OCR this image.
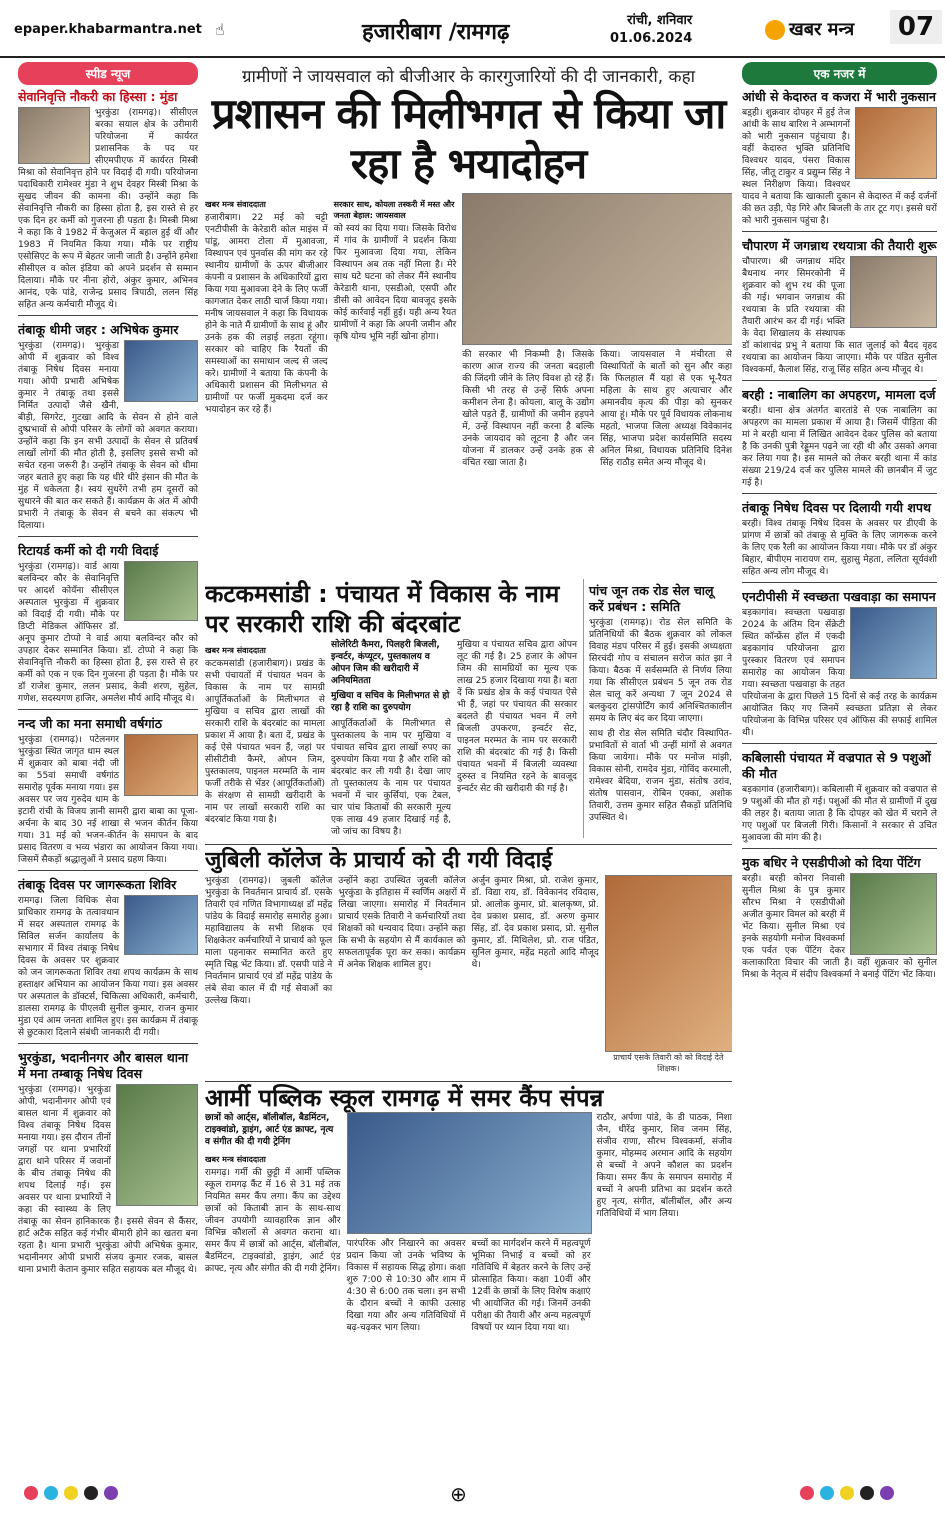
epaper.khabarmantra.net ☝	हजारीबाग /रामगढ़	रांची, शनिवार
01.06.2024	खबर मन्त्र	07
स्पीड न्यूज
सेवानिवृत्ति नौकरी का हिस्सा : मुंडा
भुरकुंडा (रामगढ़)। सीसीएल बरका सयाल क्षेत्र के उरीमारी परियोजना में कार्यरत प्रशासनिक के पद पर सीएमपीएफ में कार्यरत मिस्त्री मिश्रा को सेवानिवृत्त होने पर विदाई दी गयी। परियोजना पदाधिकारी रामेश्वर मुंडा ने शुभ देवहर मिस्त्री मिश्रा के सुखद जीवन की कामना की। उन्होंने कहा कि सेवानिवृत्ति नौकरी का हिस्सा होता है, इस रास्ते से हर एक दिन हर कर्मी को गुजरना ही पड़ता है। मिस्त्री मिश्रा ने कहा कि वे 1982 में केजुअल में बहाल हुई थीं और 1983 में नियमित किया गया। मौके पर राष्ट्रीय एसोसिएट के रूप में बेहतर जानी जाती है। उन्होंने हमेशा सीसीएल व कोल इंडिया को अपने प्रदर्शन से सम्मान दिलाया। मौके पर नीना होरो, अंकुर कुमार, अभिनव आनंद, एके पांडे, राजेन्द्र प्रसाद त्रिपाठी, ललन सिंह सहित अन्य कर्मचारी मौजूद थे।
तंबाकू धीमी जहर : अभिषेक कुमार
भुरकुंडा (रामगढ़)। भुरकुंडा ओपी में शुक्रवार को विश्व तंबाकू निषेध दिवस मनाया गया। ओपी प्रभारी अभिषेक कुमार ने तंबाकू तथा इससे निर्मित उत्पादों जैसे खैनी, बीड़ी, सिगरेट, गुटखा आदि के सेवन से होने वाले दुष्प्रभावों से ओपी परिसर के लोगों को अवगत कराया। उन्होंने कहा कि इन सभी उत्पादों के सेवन से प्रतिवर्ष लाखों लोगों की मौत होती है, इसलिए इससे सभी को सचेत रहना जरूरी है। उन्होंने तंबाकू के सेवन को धीमा जहर बताते हुए कहा कि यह धीरे धीरे इंसान की मौत के मुंह में धकेलता है। स्वयं सुधरेंगे तभी हम दूसरों को सुधारने की बात कर सकते हैं। कार्यक्रम के अंत में ओपी प्रभारी ने तंबाकू के सेवन से बचने का संकल्प भी दिलाया।
रिटायर्ड कर्मी को दी गयी विदाई
भुरकुंडा (रामगढ़)। वार्ड आया बलविन्दर कौर के सेवानिवृत्ति पर आदर्श कोयँना सीसीएल अस्पताल भुरकुंडा में शुक्रवार को विदाई दी गयी। मौके पर डिप्टी मेडिकल ऑफिसर डॉ. अनूप कुमार टोप्पो ने वार्ड आया बलविन्दर कौर को उपहार देकर सम्मानित किया। डॉ. टोप्पो ने कहा कि सेवानिवृत्ति नौकरी का हिस्सा होता है, इस रास्ते से हर कर्मी को एक न एक दिन गुजरना ही पड़ता है। मौके पर डॉ राजेश कुमार, ललन प्रसाद, केवी शरण, सुहेल, गणेश, सदस्यगण हाजिर, अमलेश मौर्य आदि मौजूद थे।
नन्द जी का मना समाधी वर्षगांठ
भुरकुंडा (रामगढ़)। पटेलनगर भुरकुंडा स्थित जागृत धाम स्थल में शुक्रवार को बाबा नंदी जी का 55वां समाधी वर्षगांठ समारोह पूर्वक मनाया गया। इस अवसर पर जय गुरुदेव धाम के इटारी रांची के विजय ज्ञानी सामरी द्वारा बाबा का पूजा-अर्चना के बाद 30 नई शाखा से भजन कीर्तन किया गया। 31 मई को भजन-कीर्तन के समापन के बाद प्रसाद वितरण व भव्य भंडारा का आयोजन किया गया। जिसमें सैकड़ों श्रद्धालुओं ने प्रसाद ग्रहण किया।
तंबाकू दिवस पर जागरूकता शिविर
रामगढ़। जिला विधिक सेवा प्राधिकार रामगढ़ के तत्वावधान में सदर अस्पताल रामगढ़ के सिविल सर्जन कार्यालय के सभागार में विश्व तंबाकू निषेध दिवस के अवसर पर शुक्रवार को जन जागरूकता शिविर तथा शपथ कार्यक्रम के साथ हस्ताक्षर अभियान का आयोजन किया गया। इस अवसर पर अस्पताल के डॉक्टर्स, चिकित्सा अधिकारी, कर्मचारी, डालसा रामगढ़ के पीएलवी सुनील कुमार, राजन कुमार मुंडा एवं आम जनता शामिल हुए। इस कार्यक्रम में तंबाकू से छुटकारा दिलाने संबंधी जानकारी दी गयी।
भुरकुंडा, भदानीनगर और बासल थाना में मना तम्बाकू निषेध दिवस
भुरकुंडा (रामगढ़)। भुरकुंडा ओपी, भदानीनगर ओपी एवं बासल थाना में शुक्रवार को विश्व तंबाकू निषेध दिवस मनाया गया। इस दौरान तीनों जगहों पर थाना प्रभारियों द्वारा थाने परिसर में जवानों के बीच तंबाकू निषेध की शपथ दिलाई गई। इस अवसर पर थाना प्रभारियों ने कहा की स्वास्थ्य के लिए तंबाकू का सेवन हानिकारक है। इससे सेवन से कैंसर, हार्ट अटैक सहित कई गंभीर बीमारी होने का खतरा बना रहता है। थाना प्रभारी भुरकुंडा ओपी अभिषेक कुमार, भदानीनगर ओपी प्रभारी संजय कुमार रजक, बासल थाना प्रभारी केतान कुमार सहित सहायक बल मौजूद थे।
ग्रामीणों ने जायसवाल को बीजीआर के कारगुजारियों की दी जानकारी, कहा
प्रशासन की मिलीभगत से किया जा रहा है भयादोहन
खबर मन्त्र संवाददाता
हजारीबाग। 22 मई को चट्टी एनटीपीसी के केरेडारी कोल माइंस में पांडू, आमरा टोला में मुआवजा, विस्थापन एवं पुनर्वास की मांग कर रहे स्थानीय ग्रामीणों के ऊपर बीजीआर कंपनी व प्रशासन के अधिकारियों द्वारा किया गया मुआवजा देने के लिए फर्जी कागजात देकर लाठी चार्ज किया गया। मनीष जायसवाल ने कहा कि विधायक होने के नाते मैं ग्रामीणों के साथ हूं और उनके हक की लड़ाई लड़ता रहूंगा। सरकार को चाहिए कि रैयतों की समस्याओं का समाधान जल्द से जल्द करे। ग्रामीणों ने बताया कि कंपनी के अधिकारी प्रशासन की मिलीभगत से ग्रामीणों पर फर्जी मुकदमा दर्ज कर भयादोहन कर रहे हैं।
सरकार साथ, कोयला तस्करी में मस्त और जनता बेहाल: जायसवाल
को स्वयं का दिया गया। जिसके विरोध में गांव के ग्रामीणों ने प्रदर्शन किया फिर मुआवजा दिया गया, लेकिन विस्थापन अब तक नहीं मिला है। मेरे साथ घटे घटना को लेकर मैंने स्थानीय केरेडारी थाना, एसडीओ, एसपी और डीसी को आवेदन दिया बावजूद इसके कोई कार्रवाई नहीं हुई। यही अन्य रैयत ग्रामीणों ने कहा कि अपनी जमीन और कृषि योग्य भूमि नहीं खोना होगा।
की सरकार भी निकम्मी है। जिसके कारण आज राज्य की जनता बदहाली की जिंदगी जीने के लिए विवश हो रहे हैं। किसी भी तरह से उन्हें सिर्फ अपना कमीशन लेना है। कोयला, बालू के उद्योग खोले पड़ते हैं, ग्रामीणों की जमीन हड़पने में, उन्हें विस्थापन नहीं करना है बल्कि उनके जायदाद को लूटना है और जन योजना में डालकर उन्हें उनके हक से वंचित रखा जाता है।
किया। जायसवाल ने मंचीरता से विस्थापितों के बातों को सुन और कहा कि फिलहाल मैं यहां से एक भू-रैयत महिला के साथ हुए अत्याचार और अमानवीय कृत्य की पीड़ा को सुनकर आया हूं। मौके पर पूर्व विधायक लोकनाथ महतो, भाजपा जिला अध्यक्ष विवेकानंद सिंह, भाजपा प्रदेश कार्यसमिति सदस्य अनिल मिश्रा, विधायक प्रतिनिधि दिनेश सिंह राठौड़ समेत अन्य मौजूद थे।
कटकमसांडी : पंचायत में विकास के नाम पर सरकारी राशि की बंदरबांट
खबर मन्त्र संवाददाता
कटकमसांडी (हजारीबाग)। प्रखंड के सभी पंचायतों में पंचायत भवन के विकास के नाम पर सामग्री आपूर्तिकर्ताओं के मिलीभगत से मुखिया व सचिव द्वारा लाखों की सरकारी राशि के बंदरबांट का मामला प्रकाश में आया है। बता दें, प्रखंड के कई ऐसे पंचायत भवन हैं, जहां पर सीसीटीवी कैमरे, ओपन जिम, पुस्तकालय, पाइनल मरम्मति के नाम फर्जी तरीके से भेंडर (आपूर्तिकर्ताओं) के संरक्षण से सामग्री खरीदारी के नाम पर लाखों सरकारी राशि का बंदरबांट किया गया है।
सोलेरिटी कैमरा, पिलहरी बिजली, इन्वर्टर, कंप्यूटर, पुस्तकालय व ओपन जिम की खरीदारी में अनियमितता
मुखिया व सचिव के मिलीभगत से हो रहा है राशि का दुरुपयोग
आपूर्तिकर्ताओं के मिलीभगत से पुस्तकालय के नाम पर मुखिया व पंचायत सचिव द्वारा लाखों रुपए का दुरुपयोग किया गया है और राशि को बंदरबांट कर ली गयी है। देखा जाए तो पुस्तकालय के नाम पर पंचायत भवनों में चार कुर्सियां, एक टेबल, चार पांच किताबों की सरकारी मूल्य एक लाख 49 हजार दिखाई गई है, जो जांच का विषय है।
मुखिया व पंचायत सचिव द्वारा ओपन लूट की गई है। 25 हजार के ओपन जिम की सामग्रियों का मूल्य एक लाख 25 हजार दिखाया गया है। बता दें कि प्रखंड क्षेत्र के कई पंचायत ऐसे भी हैं, जहां पर पंचायत की सरकार बदलते ही पंचायत भवन में लगे बिजली उपकरण, इन्वर्टर सेट, पाइनल मरम्मत के नाम पर सरकारी राशि की बंदरबांट की गई है। किसी पंचायत भवनों में बिजली व्यवस्था दुरुस्त व नियमित रहने के बावजूद इन्वर्टर सेट की खरीदारी की गई है।
पांच जून तक रोड सेल चालू करें प्रबंधन : समिति
भुरकुंडा (रामगढ़)। रोड सेल समिति के प्रतिनिधियों की बैठक शुक्रवार को लोकल विवाह मंडप परिसर में हुई। इसकी अध्यक्षता सिरचंदी गोप व संचालन सरोज कांत झा ने किया। बैठक में सर्वसम्मति से निर्णय लिया गया कि सीसीएल प्रबंधन 5 जून तक रोड सेल चालू करें अन्यथा 7 जून 2024 से बलकुदरा ट्रांसपोर्टिंग कार्य अनिश्चितकालीन समय के लिए बंद कर दिया जाएगा।
साथ ही रोड सेल समिति चंदौर विस्थापित-प्रभावितों से वार्ता भी उन्हीं मांगों से अवगत किया जायेगा। मौके पर मनोज मांझी, विकास सोनी, रामदेव मुंडा, गोविंद करमाली, रामेश्वर बेदिया, राजन मुंडा, संतोष उरांव, संतोष पासवान, रोबिन एक्का, अशोक तिवारी, उत्तम कुमार सहित सैकड़ों प्रतिनिधि उपस्थित थे।
जुबिली कॉलेज के प्राचार्य को दी गयी विदाई
भुरकुंडा (रामगढ़)। जुबली कॉलेज भुरकुंडा के निवर्तमान प्राचार्य डॉ. एसके तिवारी एवं गणित विभागाध्यक्ष डॉ महेंद्र पांडेय के विदाई समारोह समारोह हुआ। महाविद्यालय के सभी शिक्षक एवं शिक्षकेतर कर्मचारियों ने प्राचार्य को फूल माला पहनाकर सम्मानित करते हुए स्मृति चिह्न भेंट किया। डॉ. एसपी पांडे ने निवर्तमान प्राचार्य एवं डॉ महेंद्र पांडेय के लंबे सेवा काल में दी गई सेवाओं का उल्लेख किया।
उन्होंने कहा उपस्थित जुबली कॉलेज भुरकुंडा के इतिहास में स्वर्णिम अक्षरों में लिखा जाएगा। समारोह में निवर्तमान प्राचार्य एसके तिवारी ने कर्मचारियों तथा शिक्षकों को धन्यवाद दिया। उन्होंने कहा कि सभी के सहयोग से मैं कार्यकाल को सफलतापूर्वक पूरा कर सका। कार्यक्रम में अनेक शिक्षक शामिल हुए।
अर्जुन कुमार मिश्रा, प्रो. राजेश कुमार, डॉ. विद्या राय, डॉ. विवेकानंद रविदास, प्रो. आलोक कुमार, प्रो. बालकृष्ण, प्रो. देव प्रकाश प्रसाद, डॉ. अरुण कुमार सिंह, डॉ. देव प्रकाश प्रसाद, प्रो. सुनील कुमार, डॉ. मिथिलेश, प्रो. राज पंडित, सुनिल कुमार, महेंद्र महतो आदि मौजूद थे।
प्राचार्य एसके तिवारी को को विदाई देते शिक्षक।
आर्मी पब्लिक स्कूल रामगढ़ में समर कैंप संपन्न
छात्रों को आर्ट्स, बॉलीबॉल, बैडमिंटन, टाइक्वांडो, ड्राइंग, आर्ट एंड क्राफ्ट, नृत्य व संगीत की दी गयी ट्रेनिंग
खबर मन्त्र संवाददाता
रामगढ़। गर्मी की छुट्टी में आर्मी पब्लिक स्कूल रामगढ़ कैंट में 16 से 31 मई तक नियमित समर कैंप लगा। कैंप का उद्देश्य छात्रों को किताबी ज्ञान के साथ-साथ जीवन उपयोगी व्यावहारिक ज्ञान और विभिन्न कौशलों से अवगत कराना था। समर कैंप में छात्रों को आर्ट्स, बॉलीबॉल, बैडमिंटन, टाइक्वांडो, ड्राइंग, आर्ट एंड क्राफ्ट, नृत्य और संगीत की दी गयी ट्रेनिंग।
पारंपरिक और निखारने का अवसर प्रदान किया जो उनके भविष्य के विकास में सहायक सिद्ध होगा। कक्षा शुरु 7:00 से 10:30 और शाम में 4:30 से 6:00 तक चला। इन सभी के दौरान बच्चों ने काफी उत्साह दिखा गया और अन्य गतिविधियों में बढ़-चढ़कर भाग लिया।
बच्चों का मार्गदर्शन करने में महत्वपूर्ण भूमिका निभाई व बच्चों को हर गतिविधि में बेहतर करने के लिए उन्हें प्रोत्साहित किया। कक्षा 10वीं और 12वीं के छात्रों के लिए विशेष कक्षाएं भी आयोजित की गई। जिनमें उनकी परीक्षा की तैयारी और अन्य महत्वपूर्ण विषयों पर ध्यान दिया गया था।
राठौर, अर्पणा पांडे, के डी पाठक, निशा जैन, धीरेंद्र कुमार, शिव जनम सिंह, संजीव राणा, सौरभ विश्वकर्मा, संजीव कुमार, मोहम्मद अरमान आदि के सहयोग से बच्चों ने अपने कौशल का प्रदर्शन किया। समर कैंप के समापन समारोह में बच्चों ने अपनी प्रतिभा का प्रदर्शन करते हुए नृत्य, संगीत, बॉलीबॉल, और अन्य गतिविधियों में भाग लिया।
एक नजर में
आंधी से केदारुत व कजरा में भारी नुकसान
बड़्ही। शुक्रवार दोपहर में हुई तेज आंधी के साथ बारिश ने अम्भागनों को भारी नुकसान पहुंचाया है। वहीं केदारुत भुक्ति प्रतिनिधि विश्वधर यादव, पंसरा विकास सिंह, जीतू टाकुर व प्रद्युम्न सिंह ने स्थल निरीक्षण किया। विश्वधर यादव ने बताया कि खाकाली दुकान से केदारुत में कई दर्जनों की छत उड़ी, पेड़ गिरे और बिजली के तार टूट गए। इससे घरों को भारी नुकसान पहुंचा है।
चौपारण में जगन्नाथ रथयात्रा की तैयारी शुरू
चौपारण। श्री जगन्नाथ मंदिर बैधनाथ नगर सिमरकोनी में शुक्रवार को शुभ रथ की पूजा की गई। भगवान जगन्नाथ की रथयात्रा के प्रति रथयात्रा की तैयारी आरंभ कर दी गई। भक्ति के वेदा शिखालय के संस्थापक डॉ कांशाचंद्र प्रभु ने बताया कि सात जुलाई को बैदद वृहद रथयात्रा का आयोजन किया जाएगा। मौके पर पंडित सुनील विश्वकर्मा, कैलाश सिंह, राजू सिंह सहित अन्य मौजूद थे।
बरही : नाबालिग का अपहरण, मामला दर्ज
बरही। थाना क्षेत्र अंतर्गत बारतांडे से एक नाबालिग का अपहरण का मामला प्रकाश में आया है। जिसमें पीड़िता की मां ने बरही थाना में लिखित आवेदन देकर पुलिस को बताया है कि उनकी पुत्री रेड्डूमन पढ़ने जा रही थी और उसको अगवा कर लिया गया है। इस मामले को लेकर बरही थाना में कांड संख्या 219/24 दर्ज कर पुलिस मामले की छानबीन में जुट गई है।
तंबाकू निषेध दिवस पर दिलायी गयी शपथ
बरही। विश्व तंबाकू निषेध दिवस के अवसर पर डीएवी के प्रांगण में छात्रों को तंबाकू से मुक्ति के लिए जागरूक करने के लिए एक रैली का आयोजन किया गया। मौके पर डॉ अंकुर बिहार, बीपीएम नारायण राम, सुहासु मेहता, ललिता सूर्यवंशी सहित अन्य लोग मौजूद थे।
एनटीपीसी में स्वच्छता पखवाड़ा का समापन
बड़कागांव। स्वच्छता पखवाड़ा 2024 के अंतिम दिन सेंक्रेटी स्थित कॉन्फ्रेंस हॉल में एकदी बड़कागांव परियोजना द्वारा पुरस्कार वितरण एवं समापन समारोह का आयोजन किया गया। स्वच्छता पखवाड़ा के तहत परियोजना के द्वारा पिछले 15 दिनों से कई तरह के कार्यक्रम आयोजित किए गए जिनमें स्वच्छता प्रतिज्ञा से लेकर परियोजना के विभिन्न परिसर एवं ऑफिस की सफाई शामिल थी।
कबिलासी पंचायत में वज्रपात से 9 पशुओं की मौत
बड़कागांव (हजारीबाग)। कबिलासी में शुक्रवार को वज्रपात से 9 पशुओं की मौत हो गई। पशुओं की मौत से ग्रामीणों में दुख की लहर है। बताया जाता है कि दोपहर को खेत में चराने ले गए पशुओं पर बिजली गिरी। किसानों ने सरकार से उचित मुआवजा की मांग की है।
मुक बधिर ने एसडीपीओ को दिया पेंटिंग
बरही। बरही कोनरा निवासी सुनील मिश्रा के पुत्र कुमार सौरभ मिश्रा ने एसडीपीओ अजीत कुमार विमल को बरही में भेंट किया। सुनील मिश्रा एवं इनके सहयोगी मनोज विश्वकर्मा एक पर्वत एक पेंटिंग देकर कलाकारिता विचार की जाती है। वहीं शुक्रवार को सुनील मिश्रा के नेतृत्व में संदीप विश्वकर्मा ने बनाई पेंटिंग भेंट किया।
⊕
